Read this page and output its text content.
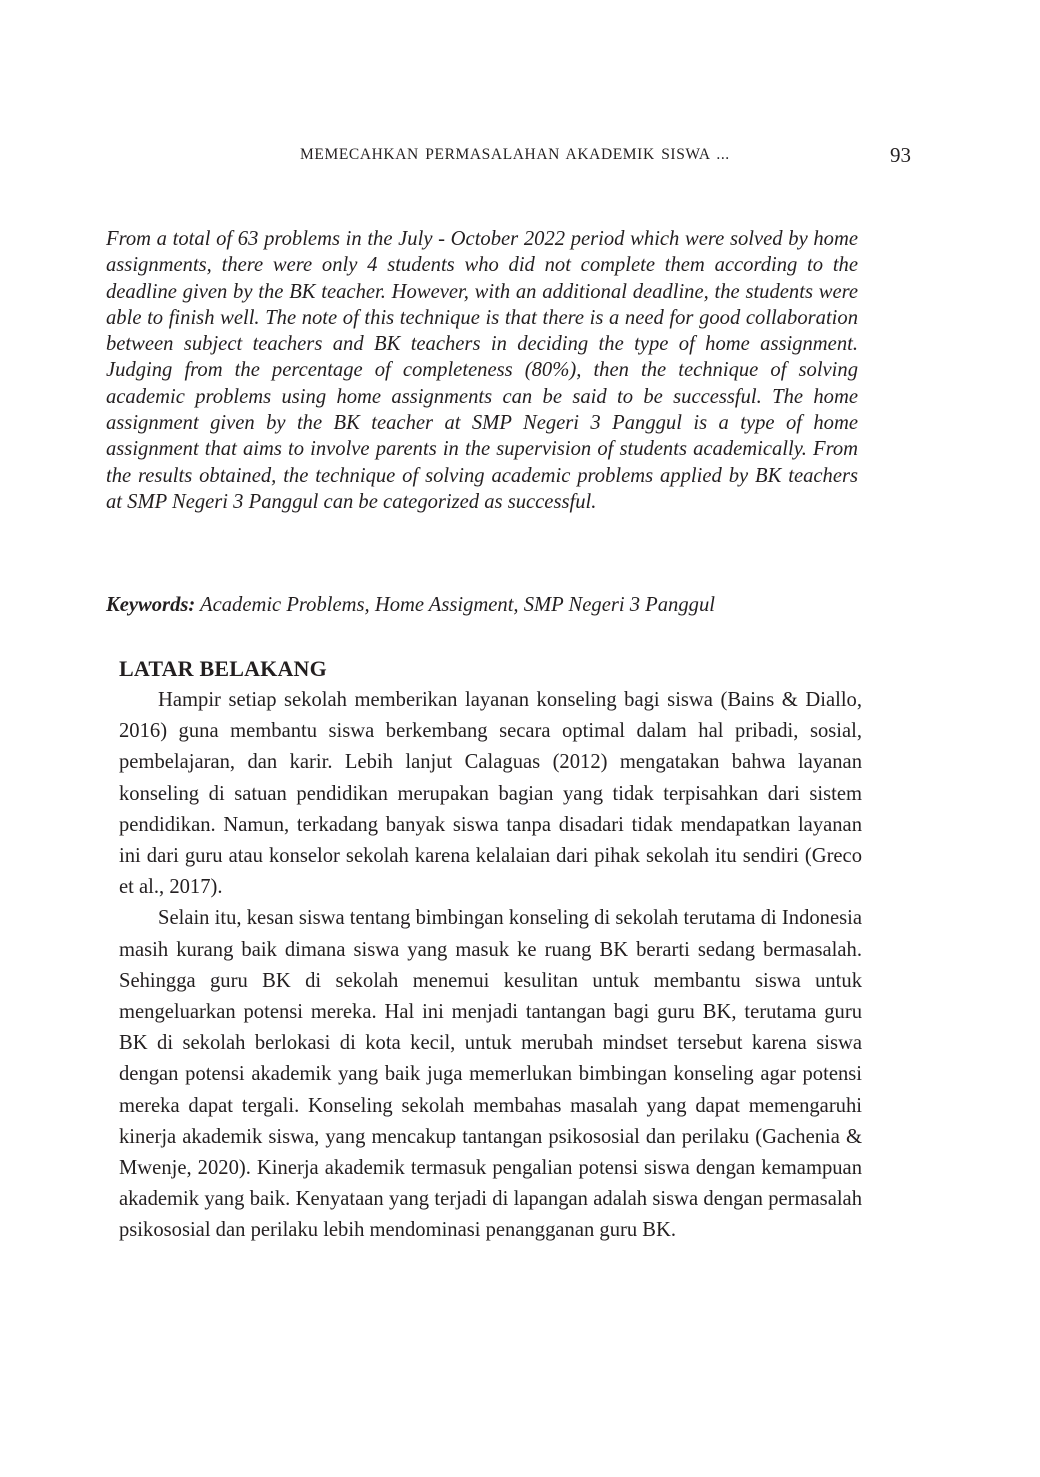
MEMECAHKAN PERMASALAHAN AKADEMIK SISWA ...	93

From a total of 63 problems in the July - October 2022 period which were solved by home assignments, there were only 4 students who did not complete them according to the deadline given by the BK teacher. However, with an additional deadline, the students were able to finish well. The note of this technique is that there is a need for good collaboration between subject teachers and BK teachers in deciding the type of home assignment. Judging from the percentage of completeness (80%), then the technique of solving academic problems using home assignments can be said to be successful. The home assignment given by the BK teacher at SMP Negeri 3 Panggul is a type of home assignment that aims to involve parents in the supervision of students academically. From the results obtained, the technique of solving academic problems applied by BK teachers at SMP Negeri 3 Panggul can be categorized as successful.

Keywords: Academic Problems, Home Assigment, SMP Negeri 3 Panggul

LATAR BELAKANG

Hampir setiap sekolah memberikan layanan konseling bagi siswa (Bains & Diallo, 2016) guna membantu siswa berkembang secara optimal dalam hal pribadi, sosial, pembelajaran, dan karir. Lebih lanjut Calaguas (2012) mengatakan bahwa layanan konseling di satuan pendidikan merupakan bagian yang tidak terpisahkan dari sistem pendidikan. Namun, terkadang banyak siswa tanpa disadari tidak mendapatkan layanan ini dari guru atau konselor sekolah karena kelalaian dari pihak sekolah itu sendiri (Greco et al., 2017).

Selain itu, kesan siswa tentang bimbingan konseling di sekolah terutama di Indonesia masih kurang baik dimana siswa yang masuk ke ruang BK berarti sedang bermasalah. Sehingga guru BK di sekolah menemui kesulitan untuk membantu siswa untuk mengeluarkan potensi mereka. Hal ini menjadi tantangan bagi guru BK, terutama guru BK di sekolah berlokasi di kota kecil, untuk merubah mindset tersebut karena siswa dengan potensi akademik yang baik juga memerlukan bimbingan konseling agar potensi mereka dapat tergali. Konseling sekolah membahas masalah yang dapat memengaruhi kinerja akademik siswa, yang mencakup tantangan psikososial dan perilaku (Gachenia & Mwenje, 2020). Kinerja akademik termasuk pengalian potensi siswa dengan kemampuan akademik yang baik. Kenyataan yang terjadi di lapangan adalah siswa dengan permasalah psikososial dan perilaku lebih mendominasi penangganan guru BK.
